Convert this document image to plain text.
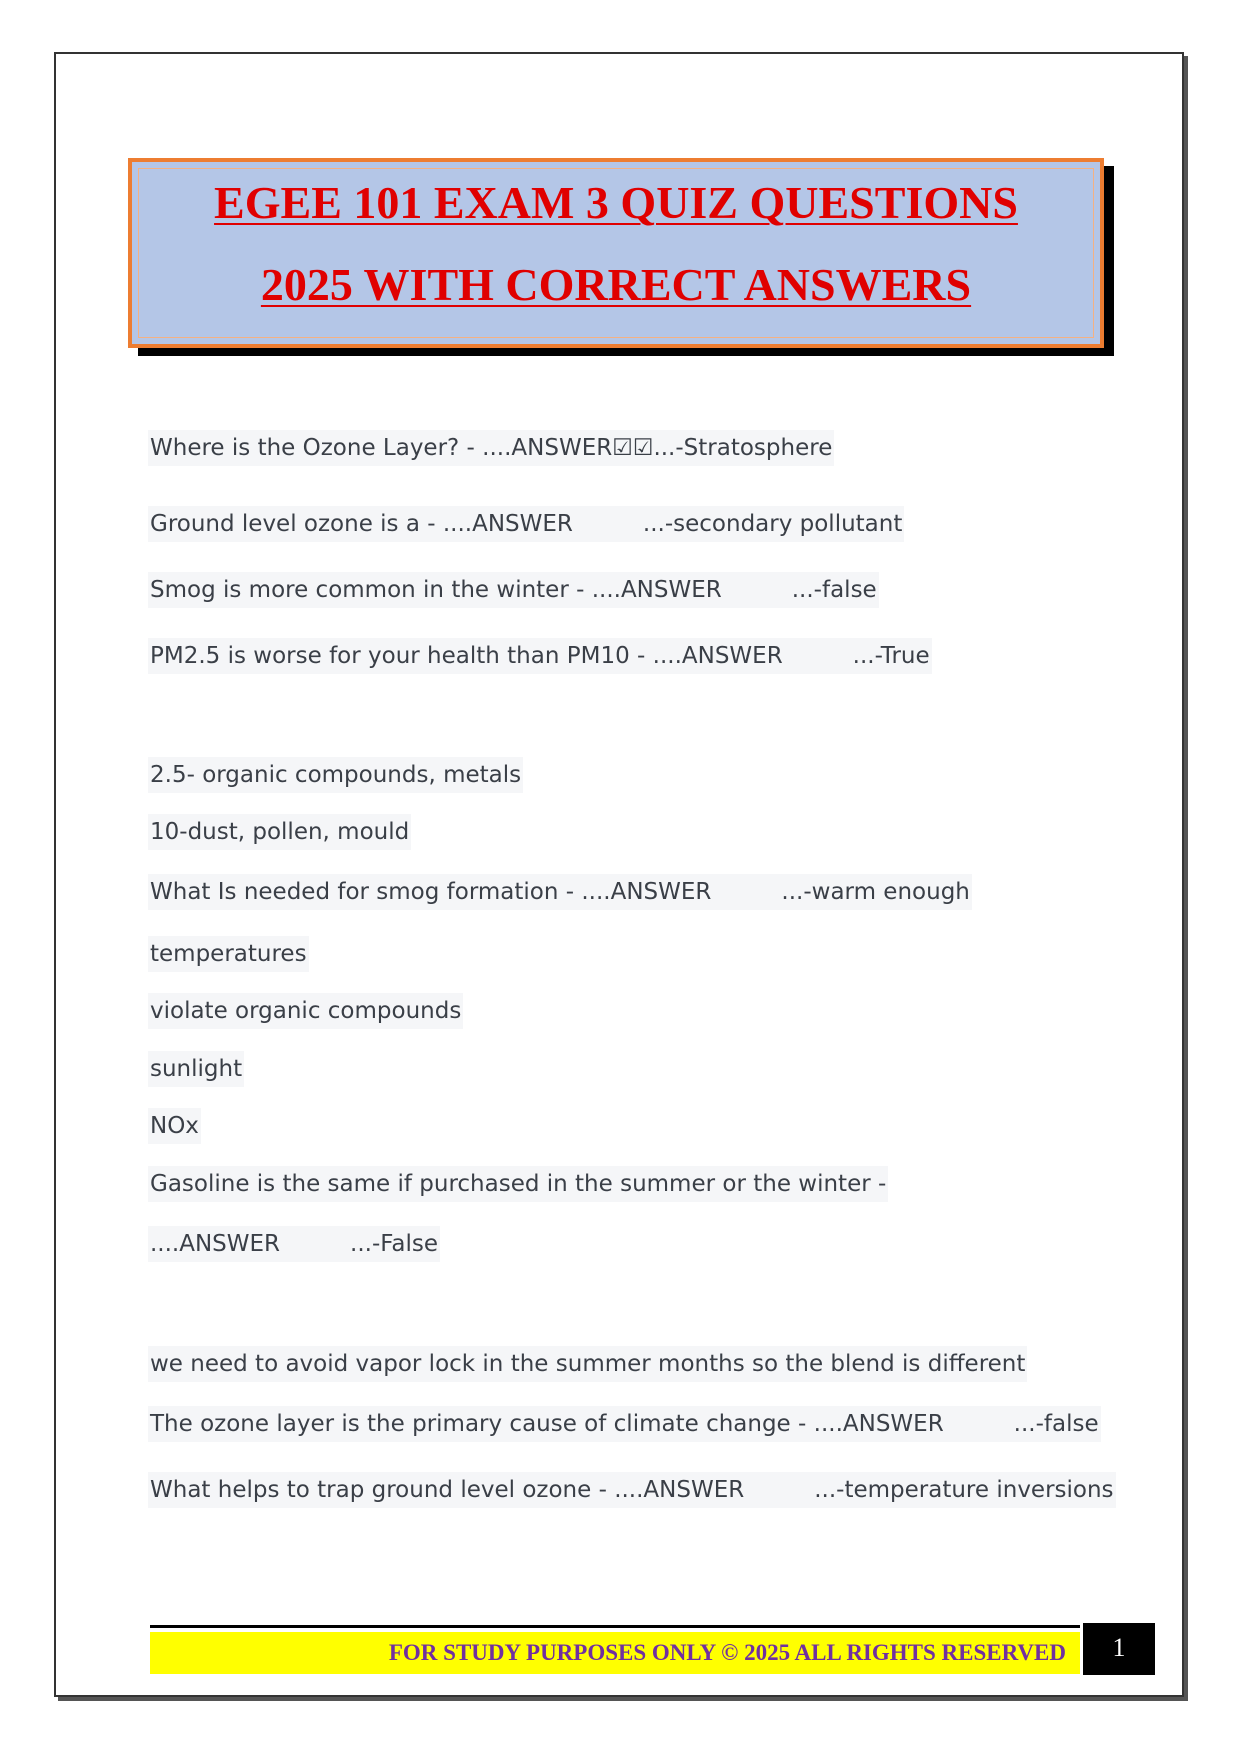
EGEE 101 EXAM 3 QUIZ QUESTIONS
2025 WITH CORRECT ANSWERS
Where is the Ozone Layer? - ....ANSWER☑☑...-Stratosphere
Ground level ozone is a - ....ANSWER	...-secondary pollutant
Smog is more common in the winter - ....ANSWER	...-false
PM2.5 is worse for your health than PM10 - ....ANSWER	...-True
2.5- organic compounds, metals
10-dust, pollen, mould
What Is needed for smog formation - ....ANSWER	...-warm enough
temperatures
violate organic compounds
sunlight
NOx
Gasoline is the same if purchased in the summer or the winter -
....ANSWER	...-False
we need to avoid vapor lock in the summer months so the blend is different
The ozone layer is the primary cause of climate change - ....ANSWER	...-false
What helps to trap ground level ozone - ....ANSWER	...-temperature inversions
FOR STUDY PURPOSES ONLY © 2025 ALL RIGHTS RESERVED	1
